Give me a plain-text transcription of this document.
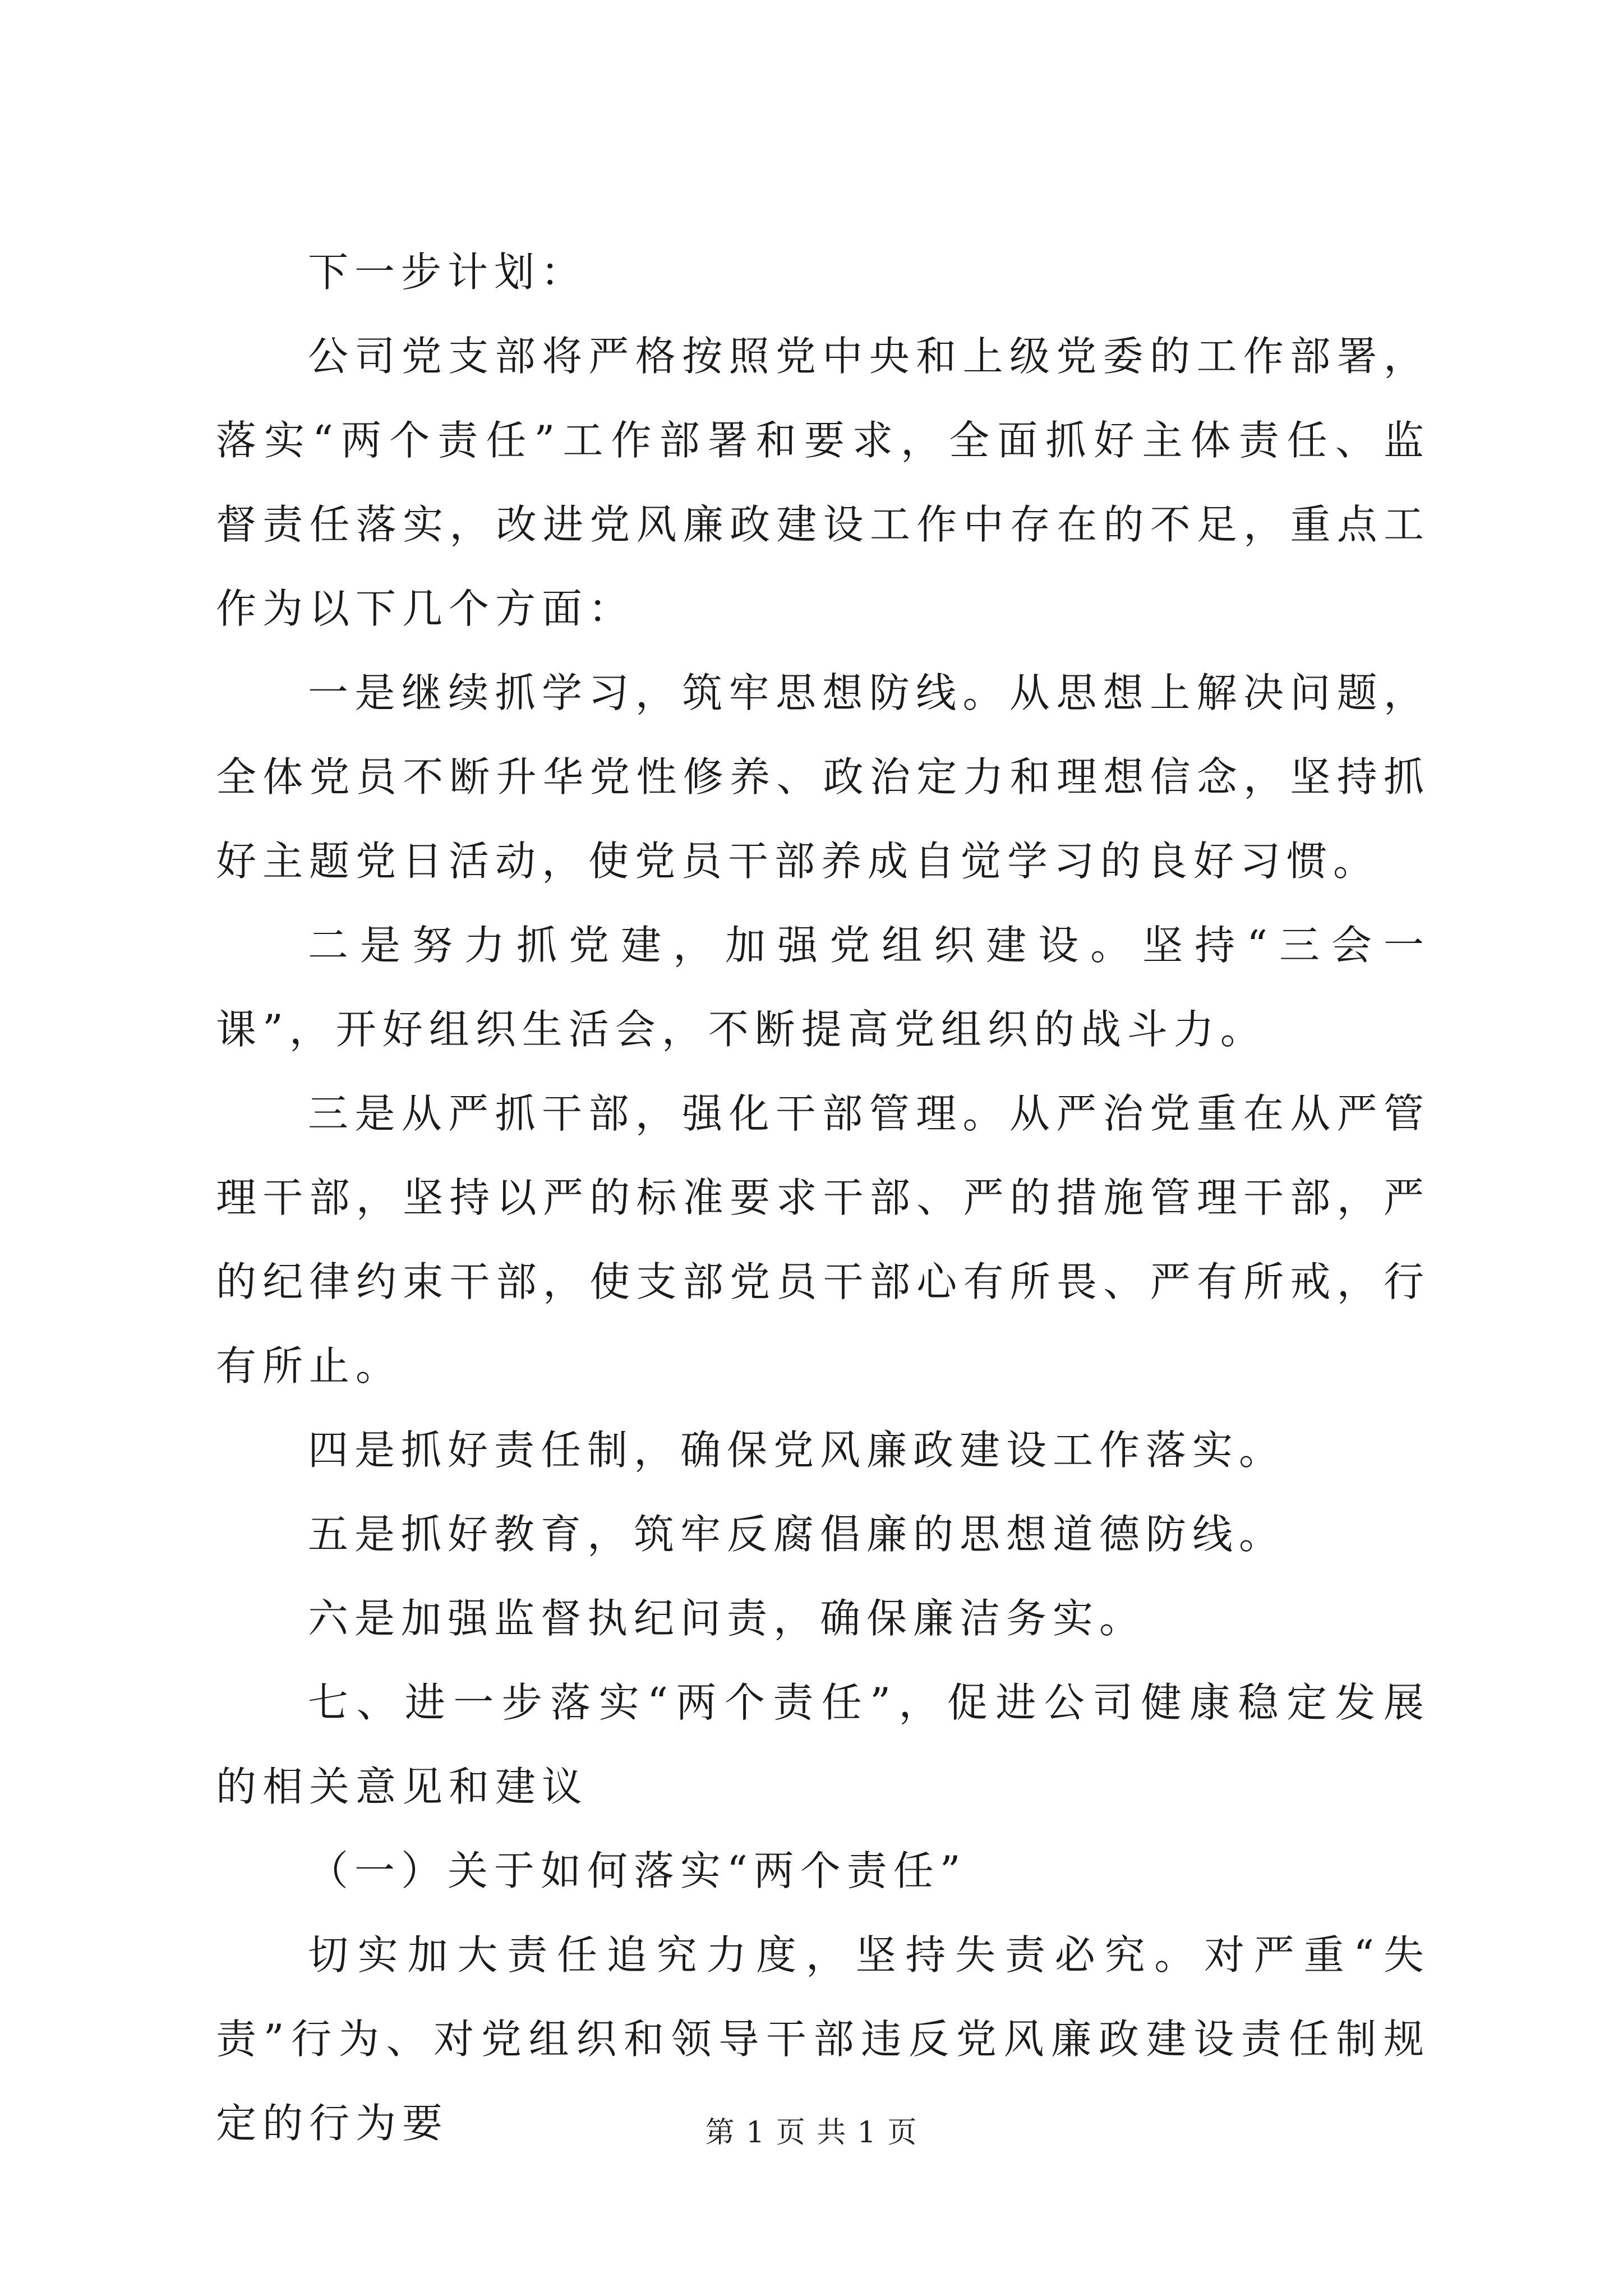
下一步计划：

公司党支部将严格按照党中央和上级党委的工作部署，落实“两个责任”工作部署和要求，全面抓好主体责任、监督责任落实，改进党风廉政建设工作中存在的不足，重点工作为以下几个方面：

一是继续抓学习，筑牢思想防线。从思想上解决问题，全体党员不断升华党性修养、政治定力和理想信念，坚持抓好主题党日活动，使党员干部养成自觉学习的良好习惯。

二是努力抓党建，加强党组织建设。坚持“三会一课”，开好组织生活会，不断提高党组织的战斗力。

三是从严抓干部，强化干部管理。从严治党重在从严管理干部，坚持以严的标准要求干部、严的措施管理干部，严的纪律约束干部，使支部党员干部心有所畏、严有所戒，行有所止。

四是抓好责任制，确保党风廉政建设工作落实。

五是抓好教育，筑牢反腐倡廉的思想道德防线。

六是加强监督执纪问责，确保廉洁务实。

七、进一步落实“两个责任”，促进公司健康稳定发展的相关意见和建议

（一）关于如何落实“两个责任”

切实加大责任追究力度，坚持失责必究。对严重“失责”行为、对党组织和领导干部违反党风廉政建设责任制规定的行为要	第 1 页 共 1 页
